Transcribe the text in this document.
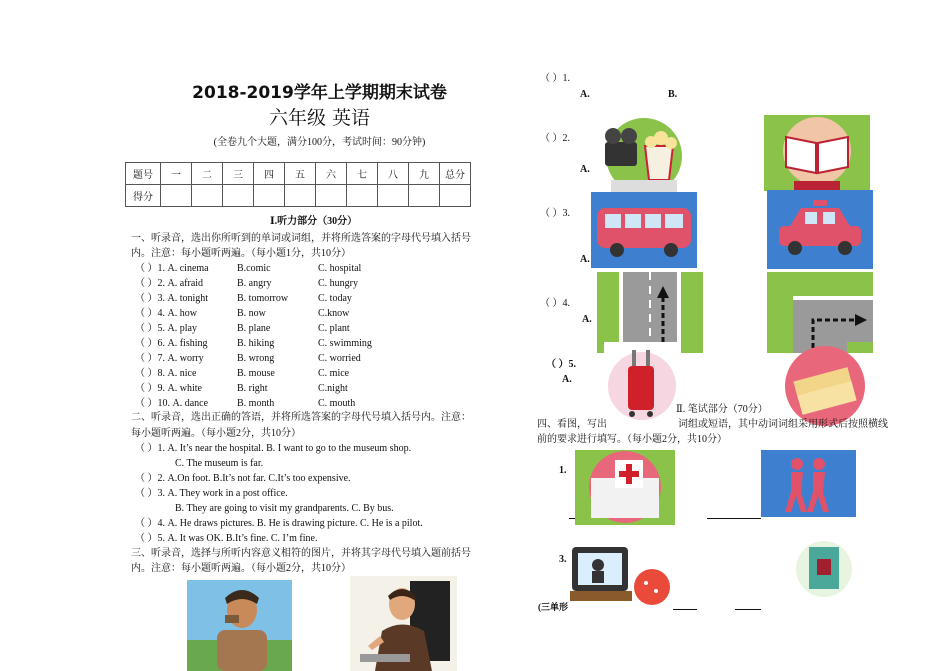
2018-2019学年上学期期末试卷
六年级 英语
(全卷九个大题，满分100分，考试时间：90分钟)
题号	一	二	三	四	五	六	七	八	九	总分
得分										
Ⅰ.听力部分（30分）
一、听录音，选出你所听到的单词或词组，并将所选答案的字母代号填入括号
内。注意：每小题听两遍。（每小题1分，共10分）
（ ）1. A. cinema	B.comic	C. hospital
（ ）2. A. afraid	B. angry	C. hungry
（ ）3. A. tonight	B. tomorrow	C. today
（ ）4. A. how	B. now	C.know
（ ）5. A. play	B. plane	C. plant
（ ）6. A. fishing	B. hiking	C. swimming
（ ）7. A. worry	B. wrong	C. worried
（ ）8. A. nice	B. mouse	C. mice
（ ）9. A. white	B. right	C.night
（ ）10. A. dance	B. month	C. mouth
二、听录音，选出正确的答语，并将所选答案的字母代号填入括号内。注意：
每小题听两遍。（每小题2分，共10分）
（ ）1. A. It’s near the hospital. B. I want to go to the museum shop.
C. The museum is far.
（ ）2. A.On foot. B.It’s not far. C.It’s too expensive.
（ ）3. A. They work in a post office.
B. They are going to visit my grandparents. C. By bus.
（ ）4. A. He draws pictures. B. He is drawing picture. C. He is a pilot.
（ ）5. A. It was OK. B.It’s fine. C. I’m fine.
三、听录音，选择与所听内容意义相符的图片，并将其字母代号填入题前括号
内。注意：每小题听两遍。（每小题2分，共10分）
（ ）1.
A.	B.
（ ）2.
A.
（ ）3.
A.
（ ）4.
A.
（ ）5.
A.
Ⅱ. 笔试部分（70分）
四、看图，写出	词组或短语，其中动词词组采用形式后按照横线
前的要求进行填写。（每小题2分，共10分）
1.
3.
(三单形
